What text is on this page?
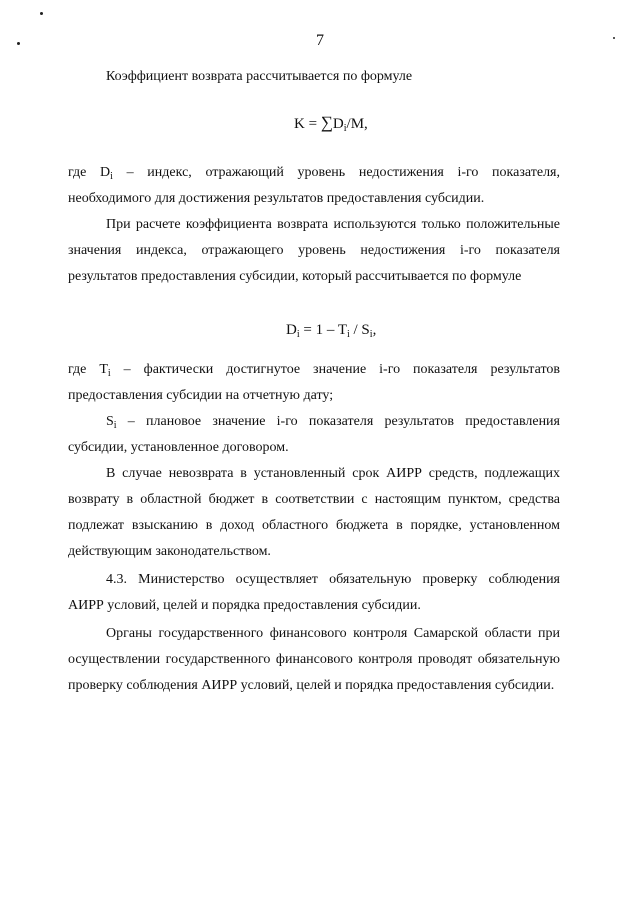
7

Коэффициент возврата рассчитывается по формуле

$K = \sum D_i/M$,

где $D_i$ – индекс, отражающий уровень недостижения i-го показателя, необходимого для достижения результатов предоставления субсидии.

При расчете коэффициента возврата используются только положительные значения индекса, отражающего уровень недостижения i-го показателя результатов предоставления субсидии, который рассчитывается по формуле

$D_i = 1 - T_i / S_i$,

где $T_i$ – фактически достигнутое значение i-го показателя результатов предоставления субсидии на отчетную дату;

$S_i$ – плановое значение i-го показателя результатов предоставления субсидии, установленное договором.

В случае невозврата в установленный срок АИРР средств, подлежащих возврату в областной бюджет в соответствии с настоящим пунктом, средства подлежат взысканию в доход областного бюджета в порядке, установленном действующим законодательством.

4.3. Министерство осуществляет обязательную проверку соблюдения АИРР условий, целей и порядка предоставления субсидии.

Органы государственного финансового контроля Самарской области при осуществлении государственного финансового контроля проводят обязательную проверку соблюдения АИРР условий, целей и порядка предоставления субсидии.
